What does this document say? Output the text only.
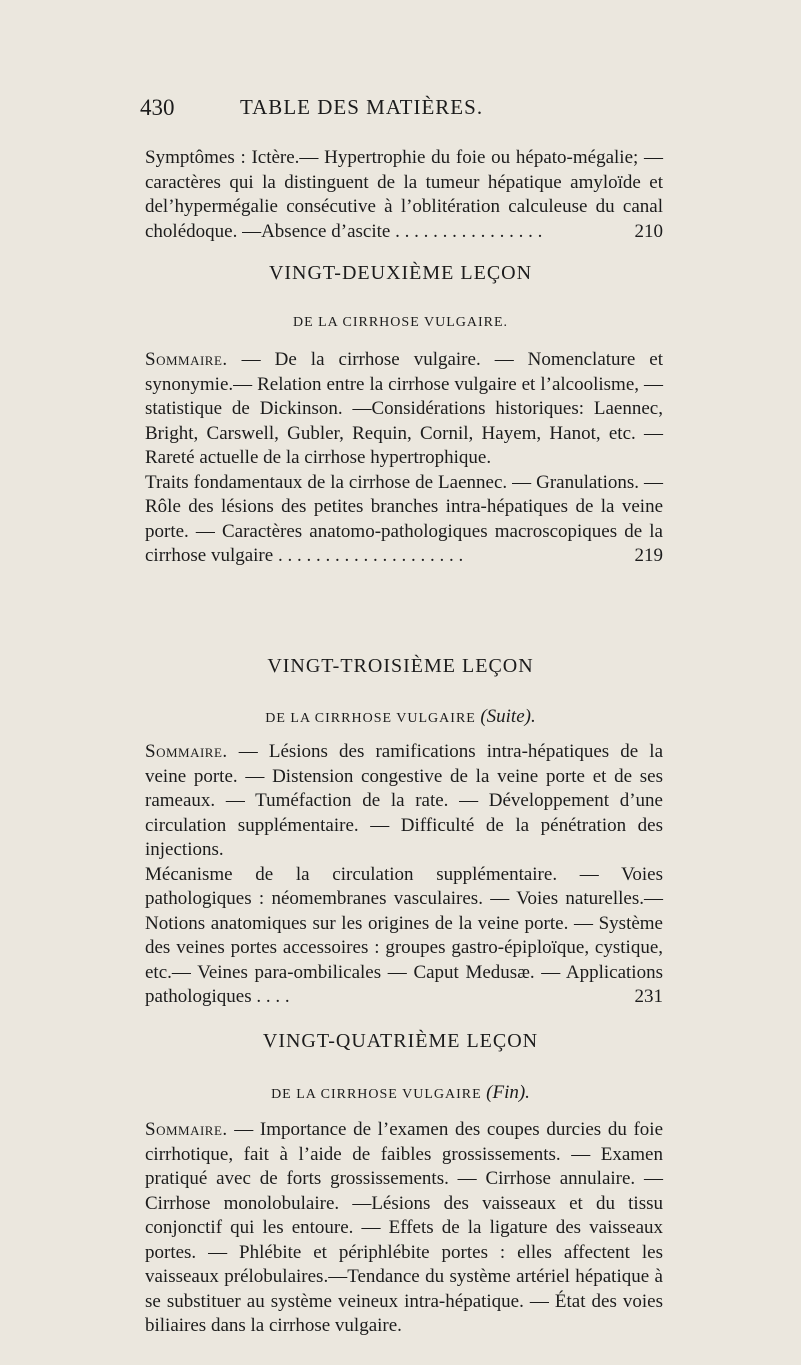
430	TABLE DES MATIÈRES.

Symptômes : Ictère.— Hypertrophie du foie ou hépato-mégalie; — caractères qui la distinguent de la tumeur hépatique amyloïde et del’hypermégalie consécutive à l’oblitération calculeuse du canal cholédoque. —Absence d’ascite . . . . . . . . . . . . . . . .	210

VINGT-DEUXIÈME LEÇON
DE LA CIRRHOSE VULGAIRE.

Sommaire. — De la cirrhose vulgaire. — Nomenclature et synonymie.— Relation entre la cirrhose vulgaire et l’alcoolisme, — statistique de Dickinson. —Considérations historiques: Laennec, Bright, Carswell, Gubler, Requin, Cornil, Hayem, Hanot, etc. — Rareté actuelle de la cirrhose hypertrophique.

Traits fondamentaux de la cirrhose de Laennec. — Granulations. — Rôle des lésions des petites branches intra-hépatiques de la veine porte. — Caractères anatomo-pathologiques macroscopiques de la cirrhose vulgaire . . . . . . . . . . . . . . . . . . . .	219

VINGT-TROISIÈME LEÇON
DE LA CIRRHOSE VULGAIRE (Suite).

Sommaire. — Lésions des ramifications intra-hépatiques de la veine porte. — Distension congestive de la veine porte et de ses rameaux. — Tuméfaction de la rate. — Développement d’une circulation supplémentaire. — Difficulté de la pénétration des injections.

Mécanisme de la circulation supplémentaire. — Voies pathologiques : néomembranes vasculaires. — Voies naturelles.— Notions anatomiques sur les origines de la veine porte. — Système des veines portes accessoires : groupes gastro-épiploïque, cystique, etc.— Veines para-ombilicales — Caput Medusæ. — Applications pathologiques . . . .	231

VINGT-QUATRIÈME LEÇON
DE LA CIRRHOSE VULGAIRE (Fin).

Sommaire. — Importance de l’examen des coupes durcies du foie cirrhotique, fait à l’aide de faibles grossissements. — Examen pratiqué avec de forts grossissements. — Cirrhose annulaire. — Cirrhose monolobulaire. —Lésions des vaisseaux et du tissu conjonctif qui les entoure. — Effets de la ligature des vaisseaux portes. — Phlébite et périphlébite portes : elles affectent les vaisseaux prélobulaires.—Tendance du système artériel hépatique à se substituer au système veineux intra-hépatique. — État des voies biliaires dans la cirrhose vulgaire.
